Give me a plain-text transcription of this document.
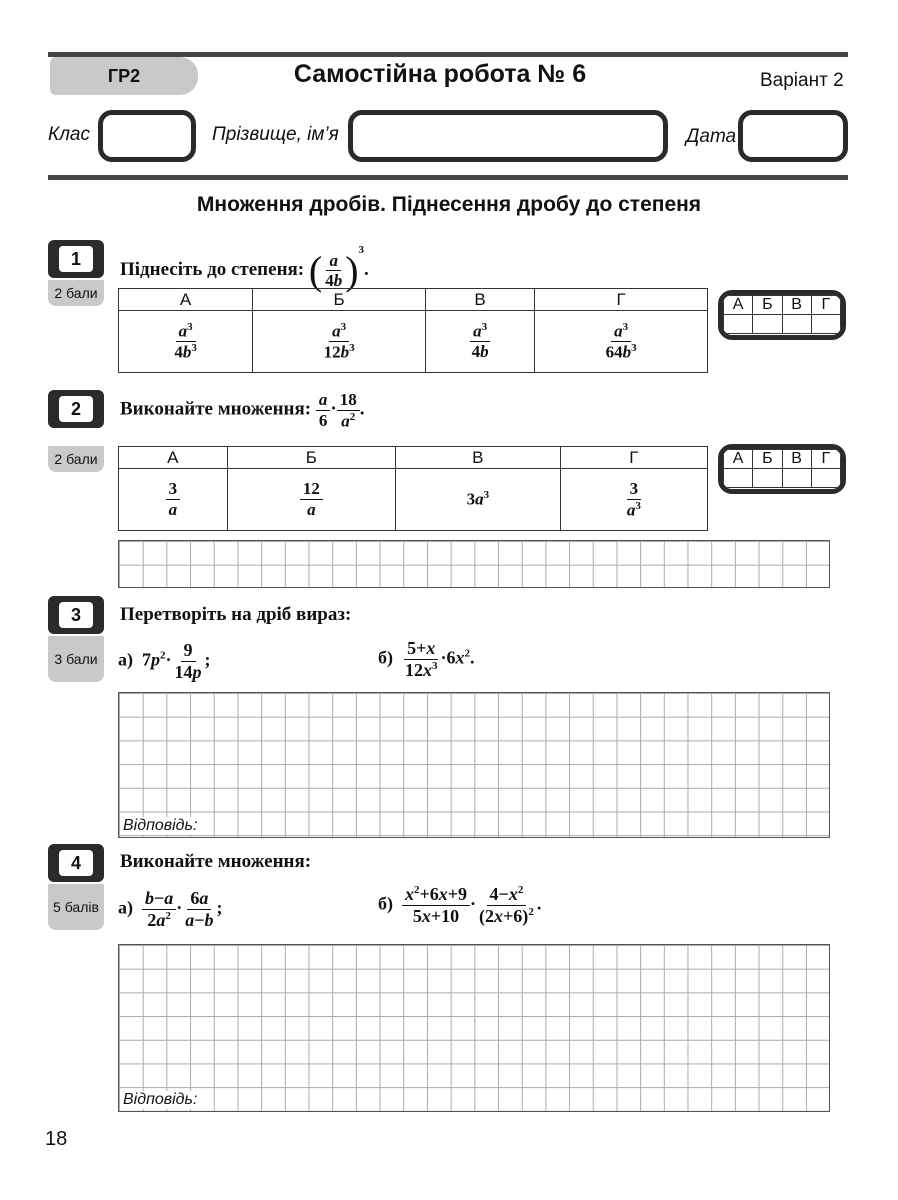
ГР2	Самостійна робота № 6	Варіант 2
Клас	Прізвище, ім’я	Дата
Множення дробів. Піднесення дробу до степеня
1
2 бали
Піднесіть до степеня: ( $\frac{a}{4b} )^3$.
А	Б	В	Г

$\frac{a^3}{4b^3}$	$\frac{a^3}{12b^3}$	$\frac{a^3}{4b}$	$\frac{a^3}{64b^3}$
А	Б	В	Г

2
2 бали
Виконайте множення: $\frac{a}{6} \cdot \frac{18}{a^2}$ .
А	Б	В	Г

$\frac{3}{a}$	$\frac{12}{a}$	$3a^3$	$\frac{3}{a^3}$
А	Б	В	Г

3
3 бали
Перетворіть на дріб вираз:
а)  $7p^2\cdot \frac{9}{14p}$ ;	$б) \frac{5+x}{12x^3} \cdot 6x^2$.
Відповідь:
4
5 балів
Виконайте множення:
$а) \frac{b-a}{2a^2} \cdot \frac{6a}{a-b}$ ;	$б) \frac{x^2+6x+9}{5x+10} \cdot \frac{4-x^2}{(2x+6)^2}$ .
Відповідь:
18
